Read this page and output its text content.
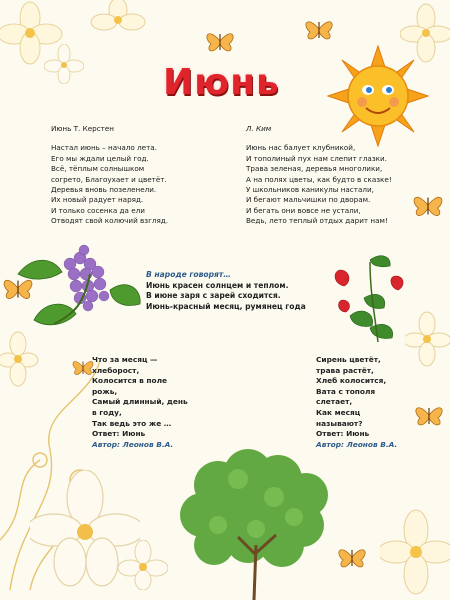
Июнь
Июнь Т. Керстен
Настал июнь – начало лета.
Его мы ждали целый год.
Всё, тёплым солнышком
согрето, Благоухает и цветёт.
Деревья вновь позеленели.
Их новый радует наряд.
И только сосенка да ели
Отводят свой колючий взгляд.
Л. Ким
Июнь нас балует клубникой,
И тополиный пух нам слепит глазки.
Трава зеленая, деревья многолики,
А на полях цветы, как будто в сказке!
У школьников каникулы настали,
И бегают мальчишки по дворам.
И бегать они вовсе не устали,
Ведь, лето теплый отдых дарит нам!
В народе говорят…
Июнь красен солнцем и теплом.
В июне заря с зарей сходится.
Июнь-красный месяц, румянец года
Что за месяц —
хлеборост,
Колосится в поле
рожь,
Самый длинный, день
в году,
Так ведь это же …
Ответ: Июнь
Автор: Леонов В.А.
Сирень цветёт,
трава растёт,
Хлеб колосится,
Вата с тополя
слетает,
Как месяц
называют?
Ответ: Июнь
Автор: Леонов В.А.
